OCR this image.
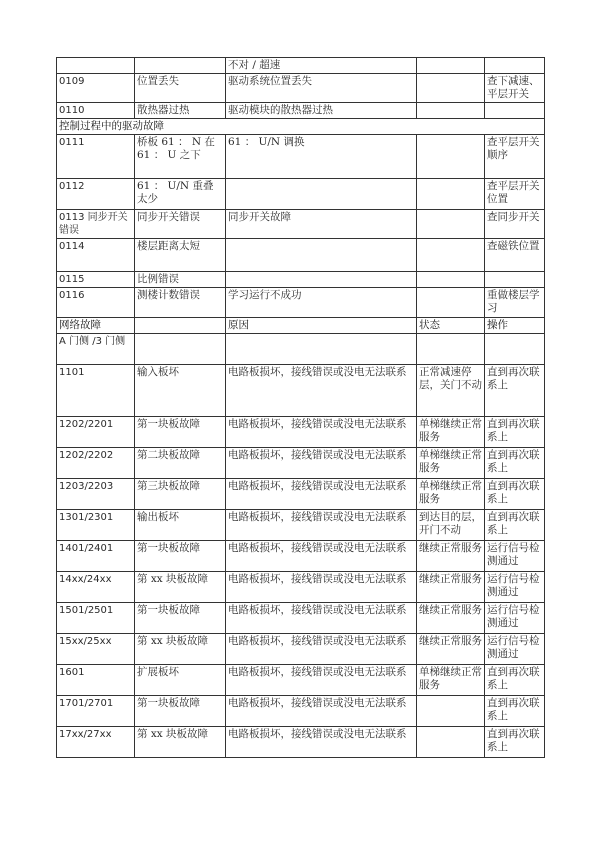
		不对 / 超速		
0109	位置丢失	驱动系统位置丢失		查下减速、平层开关
0110	散热器过热	驱动模块的散热器过热		
控制过程中的驱动故障				
0111	桥板 61 ： N 在 61 ： U 之下	61 ： U/N 调换		查平层开关顺序
0112	61 ： U/N 重叠太少			查平层开关位置
0113 同步开关错误	同步开关错误	同步开关故障		查同步开关
0114	楼层距离太短			查磁铁位置
0115	比例错误			
0116	测楼计数错误	学习运行不成功		重做楼层学习
网络故障		原因	状态	操作
A 门侧 /3 门侧				
1101	输入板坏	电路板损坏，接线错误或没电无法联系	正常减速停层，关门不动	直到再次联系上
1202/2201	第一块板故障	电路板损坏，接线错误或没电无法联系	单梯继续正常服务	直到再次联系上
1202/2202	第二块板故障	电路板损坏，接线错误或没电无法联系	单梯继续正常服务	直到再次联系上
1203/2203	第三块板故障	电路板损坏，接线错误或没电无法联系	单梯继续正常服务	直到再次联系上
1301/2301	输出板坏	电路板损坏，接线错误或没电无法联系	到达目的层，开门不动	直到再次联系上
1401/2401	第一块板故障	电路板损坏，接线错误或没电无法联系	继续正常服务	运行信号检测通过
14xx/24xx	第 xx 块板故障	电路板损坏，接线错误或没电无法联系	继续正常服务	运行信号检测通过
1501/2501	第一块板故障	电路板损坏，接线错误或没电无法联系	继续正常服务	运行信号检测通过
15xx/25xx	第 xx 块板故障	电路板损坏，接线错误或没电无法联系	继续正常服务	运行信号检测通过
1601	扩展板坏	电路板损坏，接线错误或没电无法联系	单梯继续正常服务	直到再次联系上
1701/2701	第一块板故障	电路板损坏，接线错误或没电无法联系		直到再次联系上
17xx/27xx	第 xx 块板故障	电路板损坏，接线错误或没电无法联系		直到再次联系上
